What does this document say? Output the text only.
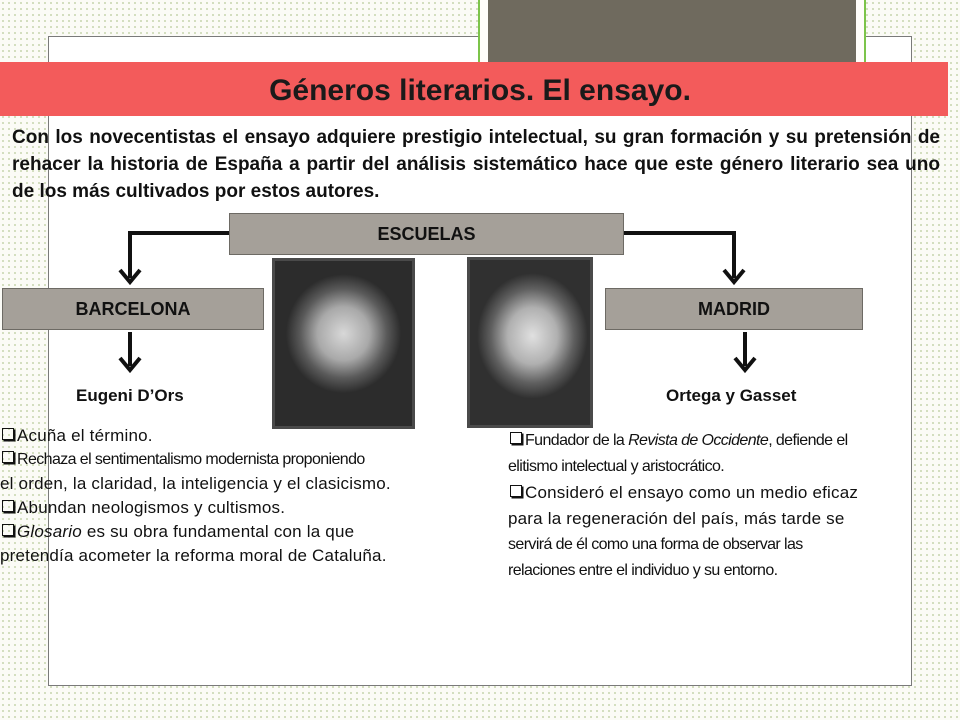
Géneros literarios. El ensayo.
Con los novecentistas el ensayo adquiere prestigio intelectual, su gran formación y su pretensión de rehacer la historia de España a partir del análisis sistemático hace que este género literario sea uno de los más cultivados por estos autores.
ESCUELAS
BARCELONA	MADRID
Eugeni D’Ors	Ortega y Gasset

Acuña el término.

Rechaza el sentimentalismo modernista proponiendo

el orden, la claridad, la inteligencia y el clasicismo.

Abundan neologismos y cultismos.

Glosario es su obra fundamental con la que

pretendía acometer la reforma moral de Cataluña.

Fundador de la Revista de Occidente, defiende el

elitismo intelectual y aristocrático.

Consideró el ensayo como un medio eficaz

para la regeneración del país, más tarde se

servirá de él como una forma de observar las

relaciones entre el individuo y su entorno.
